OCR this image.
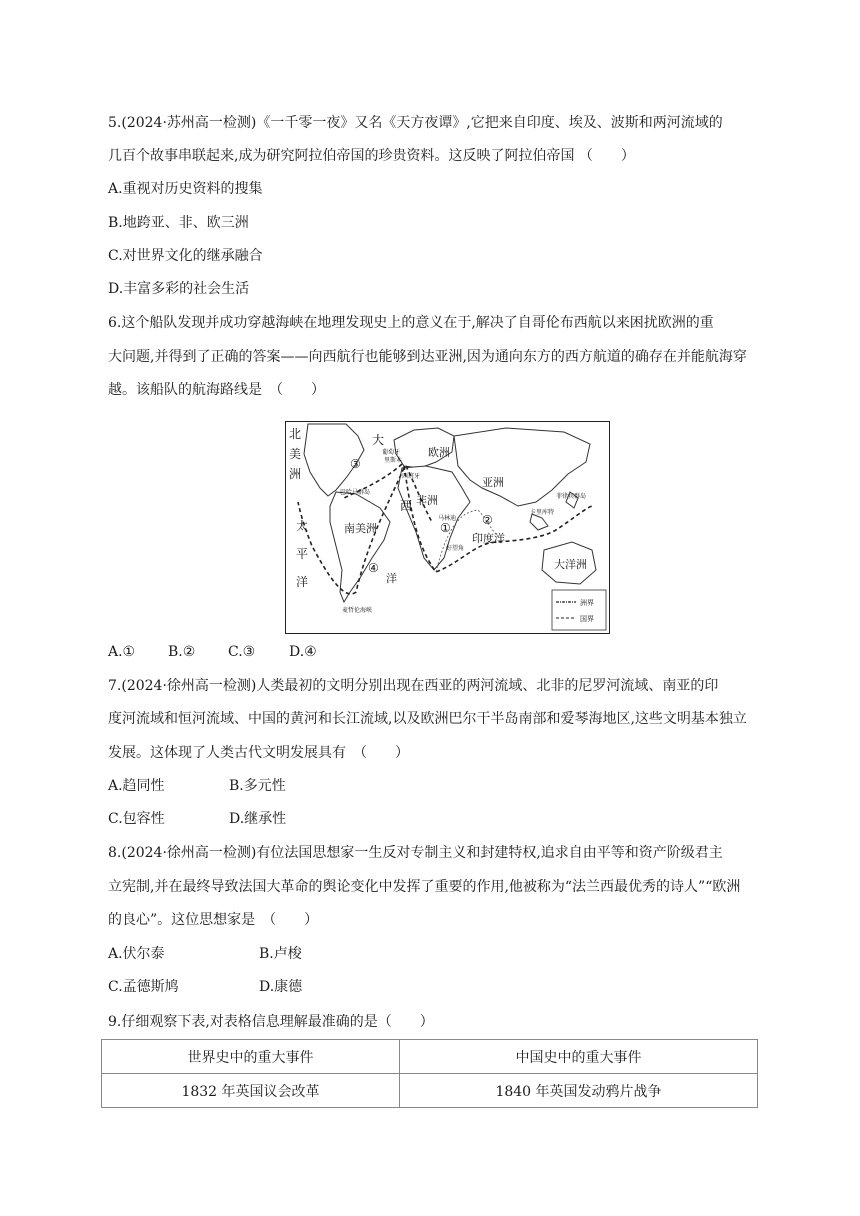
5.(2024·苏州高一检测)《一千零一夜》又名《天方夜谭》,它把来自印度、埃及、波斯和两河流域的
几百个故事串联起来,成为研究阿拉伯帝国的珍贵资料。这反映了阿拉伯帝国 （　　）
A.重视对历史资料的搜集
B.地跨亚、非、欧三洲
C.对世界文化的继承融合
D.丰富多彩的社会生活
6.这个船队发现并成功穿越海峡在地理发现史上的意义在于,解决了自哥伦布西航以来困扰欧洲的重
大问题,并得到了正确的答案——向西航行也能够到达亚洲,因为通向东方的西方航道的确存在并能航海穿
越。该船队的航海路线是　（　　）
北
美
洲
太
平
洋
大
西
洋
欧洲
亚洲
非洲
南美洲
印度洋
大洋洲
葡萄牙
里斯本
西班牙
巴哈马群岛
马林迪
好望角
卡里库特
菲律宾群岛
麦哲伦海峡
①
②
③
④
洲界
国界
A.① B.② C.③ D.④
7.(2024·徐州高一检测)人类最初的文明分别出现在西亚的两河流域、北非的尼罗河流域、南亚的印
度河流域和恒河流域、中国的黄河和长江流域,以及欧洲巴尔干半岛南部和爱琴海地区,这些文明基本独立
发展。这体现了人类古代文明发展具有　（　　）
A.趋同性	B.多元性
C.包容性	D.继承性
8.(2024·徐州高一检测)有位法国思想家一生反对专制主义和封建特权,追求自由平等和资产阶级君主
立宪制,并在最终导致法国大革命的舆论变化中发挥了重要的作用,他被称为“法兰西最优秀的诗人”“欧洲
的良心”。这位思想家是　（　　）
A.伏尔泰	B.卢梭
C.孟德斯鸠	D.康德
9.仔细观察下表,对表格信息理解最准确的是（　　）
世界史中的重大事件	中国史中的重大事件
1832 年英国议会改革	1840 年英国发动鸦片战争
